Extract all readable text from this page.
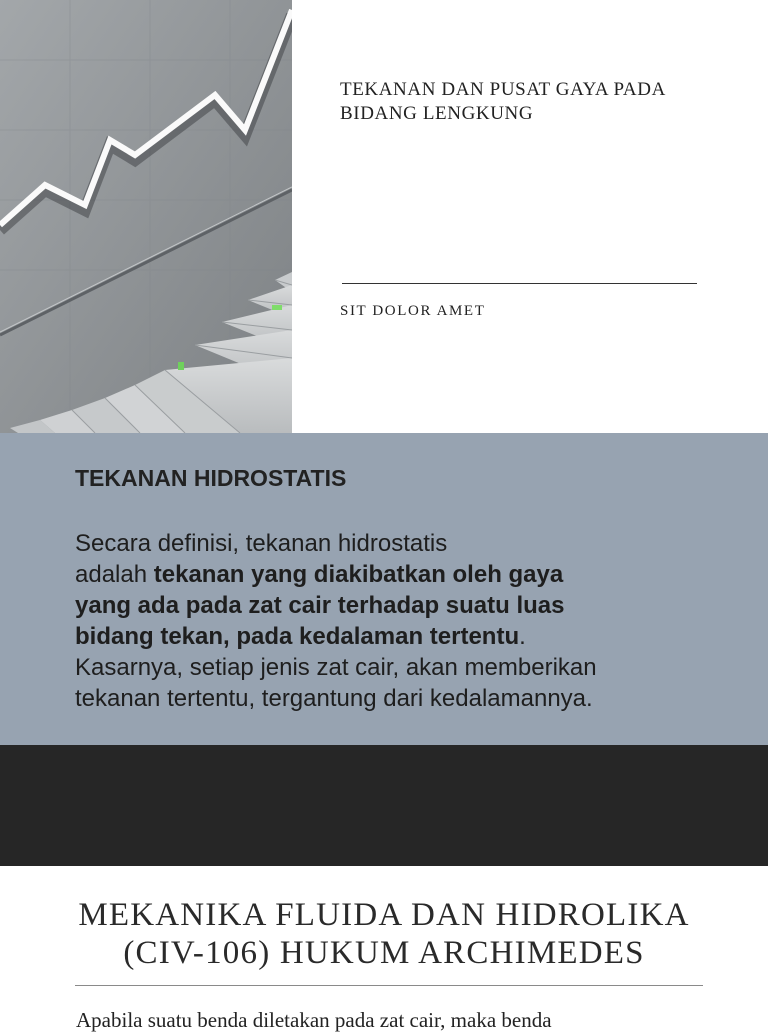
TEKANAN DAN PUSAT GAYA PADA
BIDANG LENGKUNG
SIT DOLOR AMET
TEKANAN HIDROSTATIS
Secara definisi, tekanan hidrostatis
adalah tekanan yang diakibatkan oleh gaya
yang ada pada zat cair terhadap suatu luas
bidang tekan, pada kedalaman tertentu.
Kasarnya, setiap jenis zat cair, akan memberikan
tekanan tertentu, tergantung dari kedalamannya.
MEKANIKA FLUIDA DAN HIDROLIKA
(CIV-106) HUKUM ARCHIMEDES
Apabila suatu benda diletakan pada zat cair, maka benda
